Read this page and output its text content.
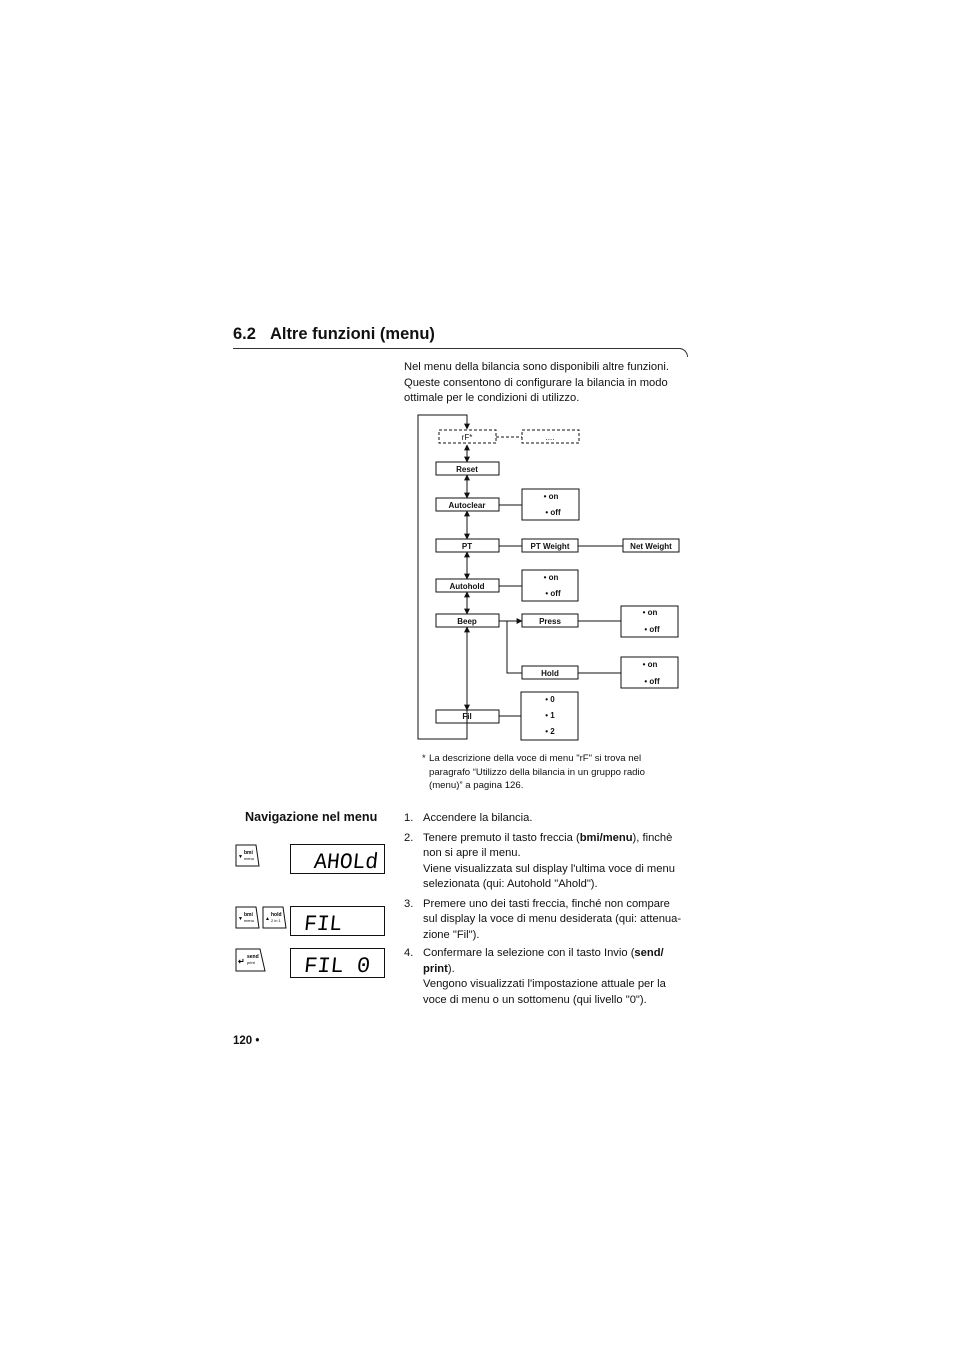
6.2 Altre funzioni (menu)

Nel menu della bilancia sono disponibili altre funzioni.

Queste consentono di configurare la bilancia in modo

ottimale per le condizioni di utilizzo.

rF*	....
Reset
Autoclear
• on
• off
PT	PT Weight	Net Weight
Autohold
• on
• off
Beep	Press
• on
• off
Hold
• on
• off
Fil
• 0
• 1
• 2
* La descrizione della voce di menu "rF" si trova nel

paragrafo “Utilizzo della bilancia in un gruppo radio

(menu)” a pagina 126.

Navigazione nel menu 1. Accendere la bilancia.

2. Tenere premuto il tasto freccia (bmi/menu), finchè

non si apre il menu.

Viene visualizzata sul display l'ultima voce di menu

selezionata (qui: Autohold "Ahold").

3. Premere uno dei tasti freccia, finché non compare

sul display la voce di menu desiderata (qui: attenua-

zione "Fil").

4. Confermare la selezione con il tasto Invio (send/

print).

Vengono visualizzati l'impostazione attuale per la

voce di menu o un sottomenu (qui livello "0").

▼
bmi
menu
▼
bmi
menu ▲
hold
2 in 1
↵ send
print
AHOLd
FIL
FIL 0
120 •
